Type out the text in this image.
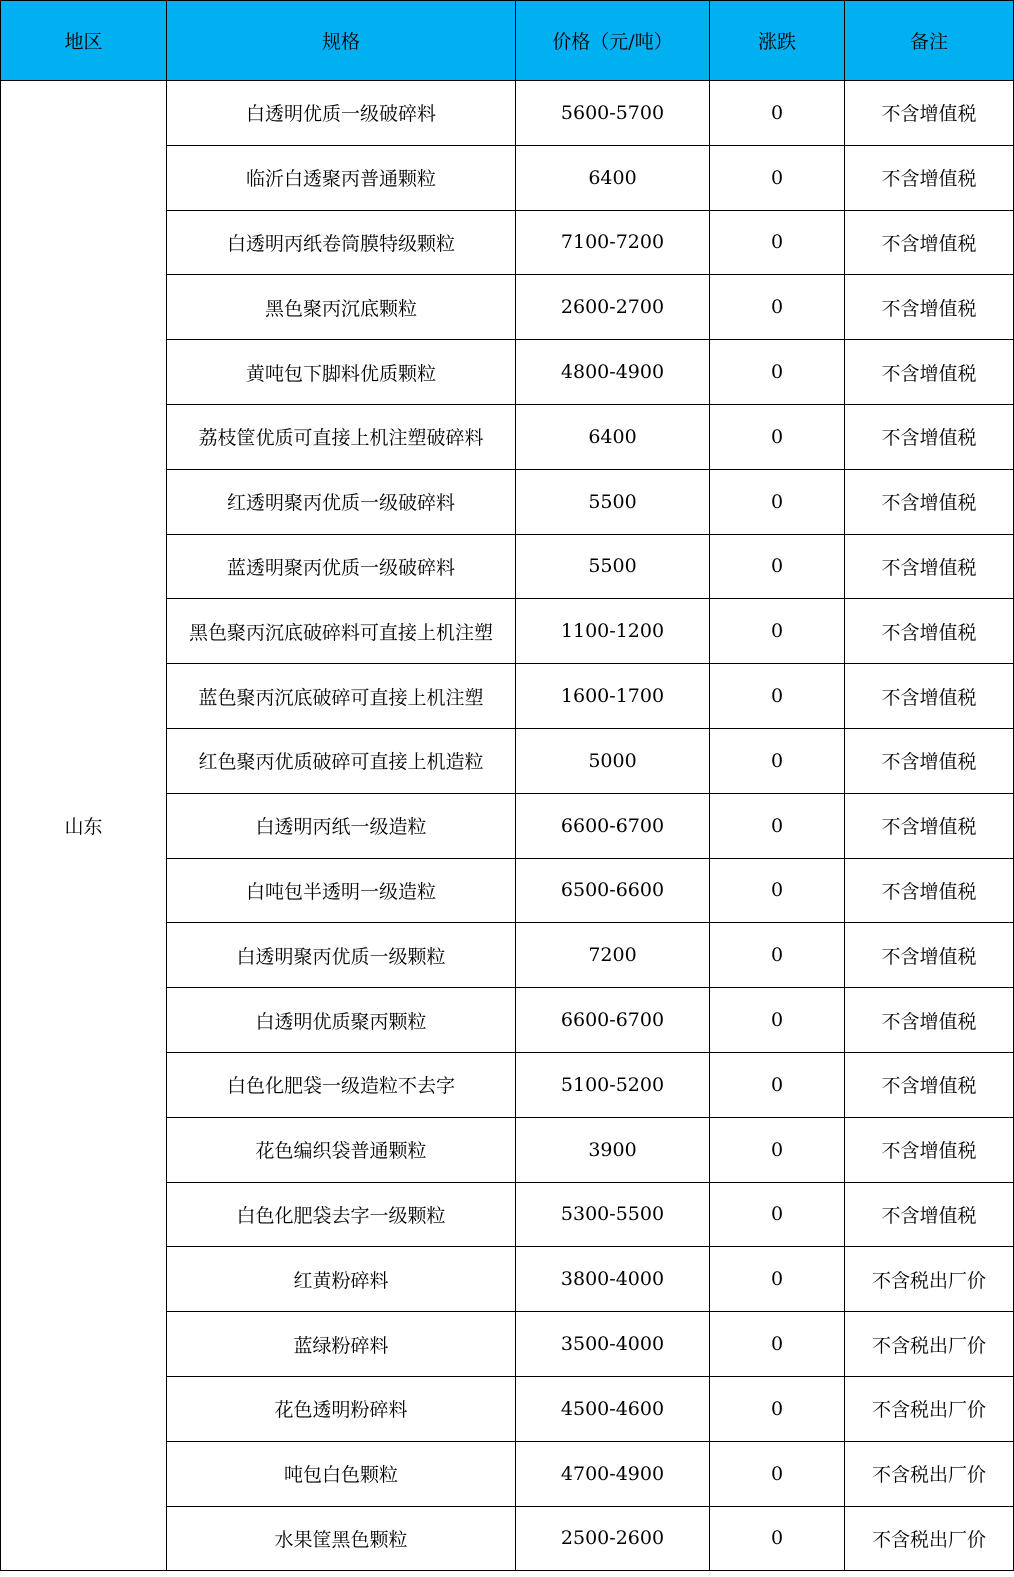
地区	规格	价格（元/吨）	涨跌	备注
山东	白透明优质一级破碎料	5600-5700	0	不含增值税
	临沂白透聚丙普通颗粒	6400	0	不含增值税
	白透明丙纸卷筒膜特级颗粒	7100-7200	0	不含增值税
	黑色聚丙沉底颗粒	2600-2700	0	不含增值税
	黄吨包下脚料优质颗粒	4800-4900	0	不含增值税
	荔枝筐优质可直接上机注塑破碎料	6400	0	不含增值税
	红透明聚丙优质一级破碎料	5500	0	不含增值税
	蓝透明聚丙优质一级破碎料	5500	0	不含增值税
	黑色聚丙沉底破碎料可直接上机注塑	1100-1200	0	不含增值税
	蓝色聚丙沉底破碎可直接上机注塑	1600-1700	0	不含增值税
	红色聚丙优质破碎可直接上机造粒	5000	0	不含增值税
	白透明丙纸一级造粒	6600-6700	0	不含增值税
	白吨包半透明一级造粒	6500-6600	0	不含增值税
	白透明聚丙优质一级颗粒	7200	0	不含增值税
	白透明优质聚丙颗粒	6600-6700	0	不含增值税
	白色化肥袋一级造粒不去字	5100-5200	0	不含增值税
	花色编织袋普通颗粒	3900	0	不含增值税
	白色化肥袋去字一级颗粒	5300-5500	0	不含增值税
	红黄粉碎料	3800-4000	0	不含税出厂价
	蓝绿粉碎料	3500-4000	0	不含税出厂价
	花色透明粉碎料	4500-4600	0	不含税出厂价
	吨包白色颗粒	4700-4900	0	不含税出厂价
	水果筐黑色颗粒	2500-2600	0	不含税出厂价
